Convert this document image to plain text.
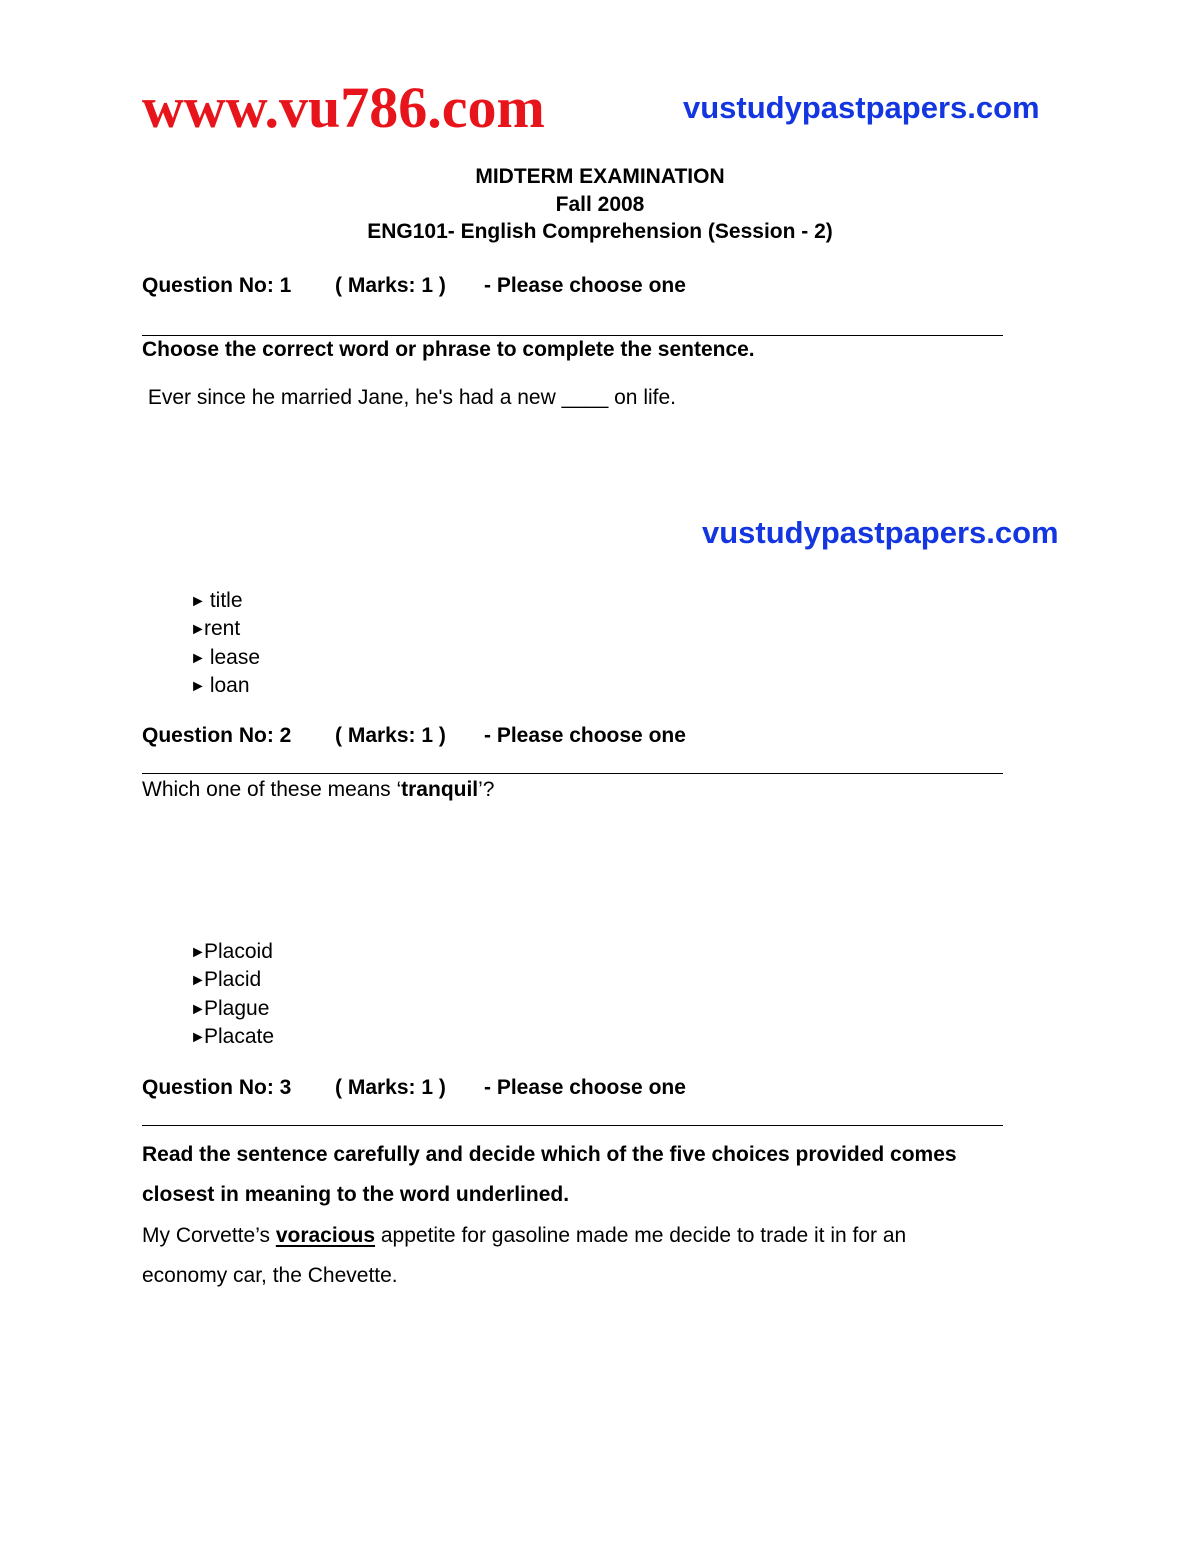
www.vu786.com	vustudypastpapers.com
vustudypastpapers.com
MIDTERM EXAMINATION
Fall 2008
ENG101- English Comprehension (Session - 2)
Question No: 1 ( Marks: 1 ) - Please choose one
Choose the correct word or phrase to complete the sentence.
Ever since he married Jane, he's had a new ____ on life.
► title
►rent
► lease
► loan
Question No: 2 ( Marks: 1 ) - Please choose one
Which one of these means ‘tranquil’?
►Placoid
►Placid
►Plague
►Placate
Question No: 3 ( Marks: 1 ) - Please choose one
Read the sentence carefully and decide which of the five choices provided comes
closest in meaning to the word underlined.
My Corvette’s voracious appetite for gasoline made me decide to trade it in for an
economy car, the Chevette.
